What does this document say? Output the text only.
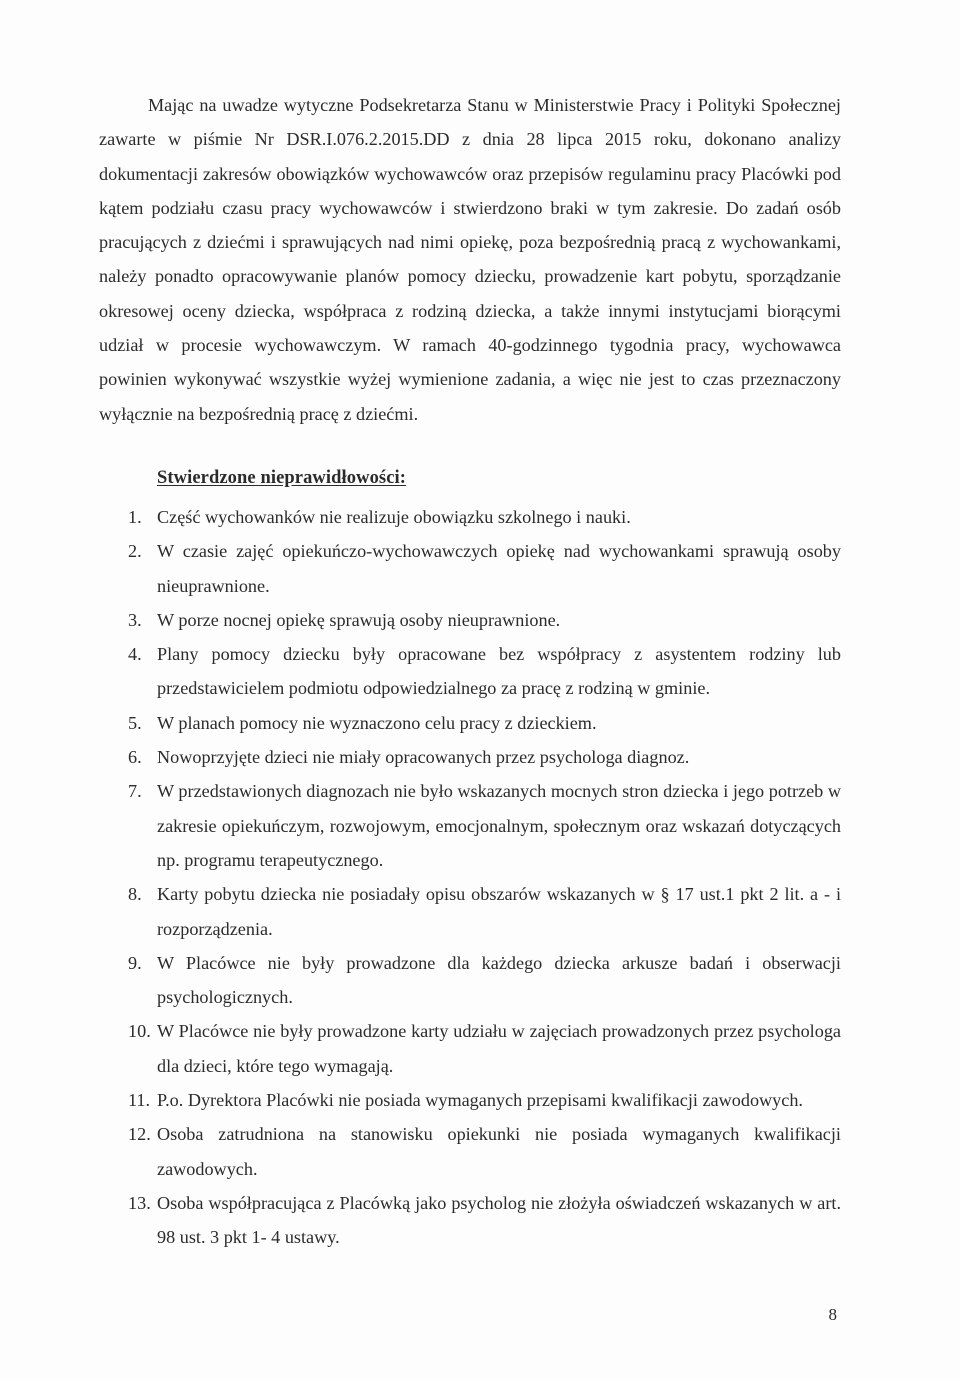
Mając na uwadze wytyczne Podsekretarza Stanu w Ministerstwie Pracy i Polityki Społecznej zawarte w piśmie Nr DSR.I.076.2.2015.DD z dnia 28 lipca 2015 roku, dokonano analizy dokumentacji zakresów obowiązków wychowawców oraz przepisów regulaminu pracy Placówki pod kątem podziału czasu pracy wychowawców i stwierdzono braki w tym zakresie. Do zadań osób pracujących z dziećmi i sprawujących nad nimi opiekę, poza bezpośrednią pracą z wychowankami, należy ponadto opracowywanie planów pomocy dziecku, prowadzenie kart pobytu, sporządzanie okresowej oceny dziecka, współpraca z rodziną dziecka, a także innymi instytucjami biorącymi udział w procesie wychowawczym. W ramach 40-godzinnego tygodnia pracy, wychowawca powinien wykonywać wszystkie wyżej wymienione zadania, a więc nie jest to czas przeznaczony wyłącznie na bezpośrednią pracę z dziećmi.

Stwierdzone nieprawidłowości:

1. Część wychowanków nie realizuje obowiązku szkolnego i nauki.
2. W czasie zajęć opiekuńczo-wychowawczych opiekę nad wychowankami sprawują osoby nieuprawnione.
3. W porze nocnej opiekę sprawują osoby nieuprawnione.
4. Plany pomocy dziecku były opracowane bez współpracy z asystentem rodziny lub przedstawicielem podmiotu odpowiedzialnego za pracę z rodziną w gminie.
5. W planach pomocy nie wyznaczono celu pracy z dzieckiem.
6. Nowoprzyjęte dzieci nie miały opracowanych przez psychologa diagnoz.
7. W przedstawionych diagnozach nie było wskazanych mocnych stron dziecka i jego potrzeb w zakresie opiekuńczym, rozwojowym, emocjonalnym, społecznym oraz wskazań dotyczących np. programu terapeutycznego.
8. Karty pobytu dziecka nie posiadały opisu obszarów wskazanych w § 17 ust.1 pkt 2 lit. a - i rozporządzenia.
9. W Placówce nie były prowadzone dla każdego dziecka arkusze badań i obserwacji psychologicznych.
10. W Placówce nie były prowadzone karty udziału w zajęciach prowadzonych przez psychologa dla dzieci, które tego wymagają.
11. P.o. Dyrektora Placówki nie posiada wymaganych przepisami kwalifikacji zawodowych.
12. Osoba zatrudniona na stanowisku opiekunki nie posiada wymaganych kwalifikacji zawodowych.
13. Osoba współpracująca z Placówką jako psycholog nie złożyła oświadczeń wskazanych w art. 98 ust. 3 pkt 1- 4 ustawy.

8
